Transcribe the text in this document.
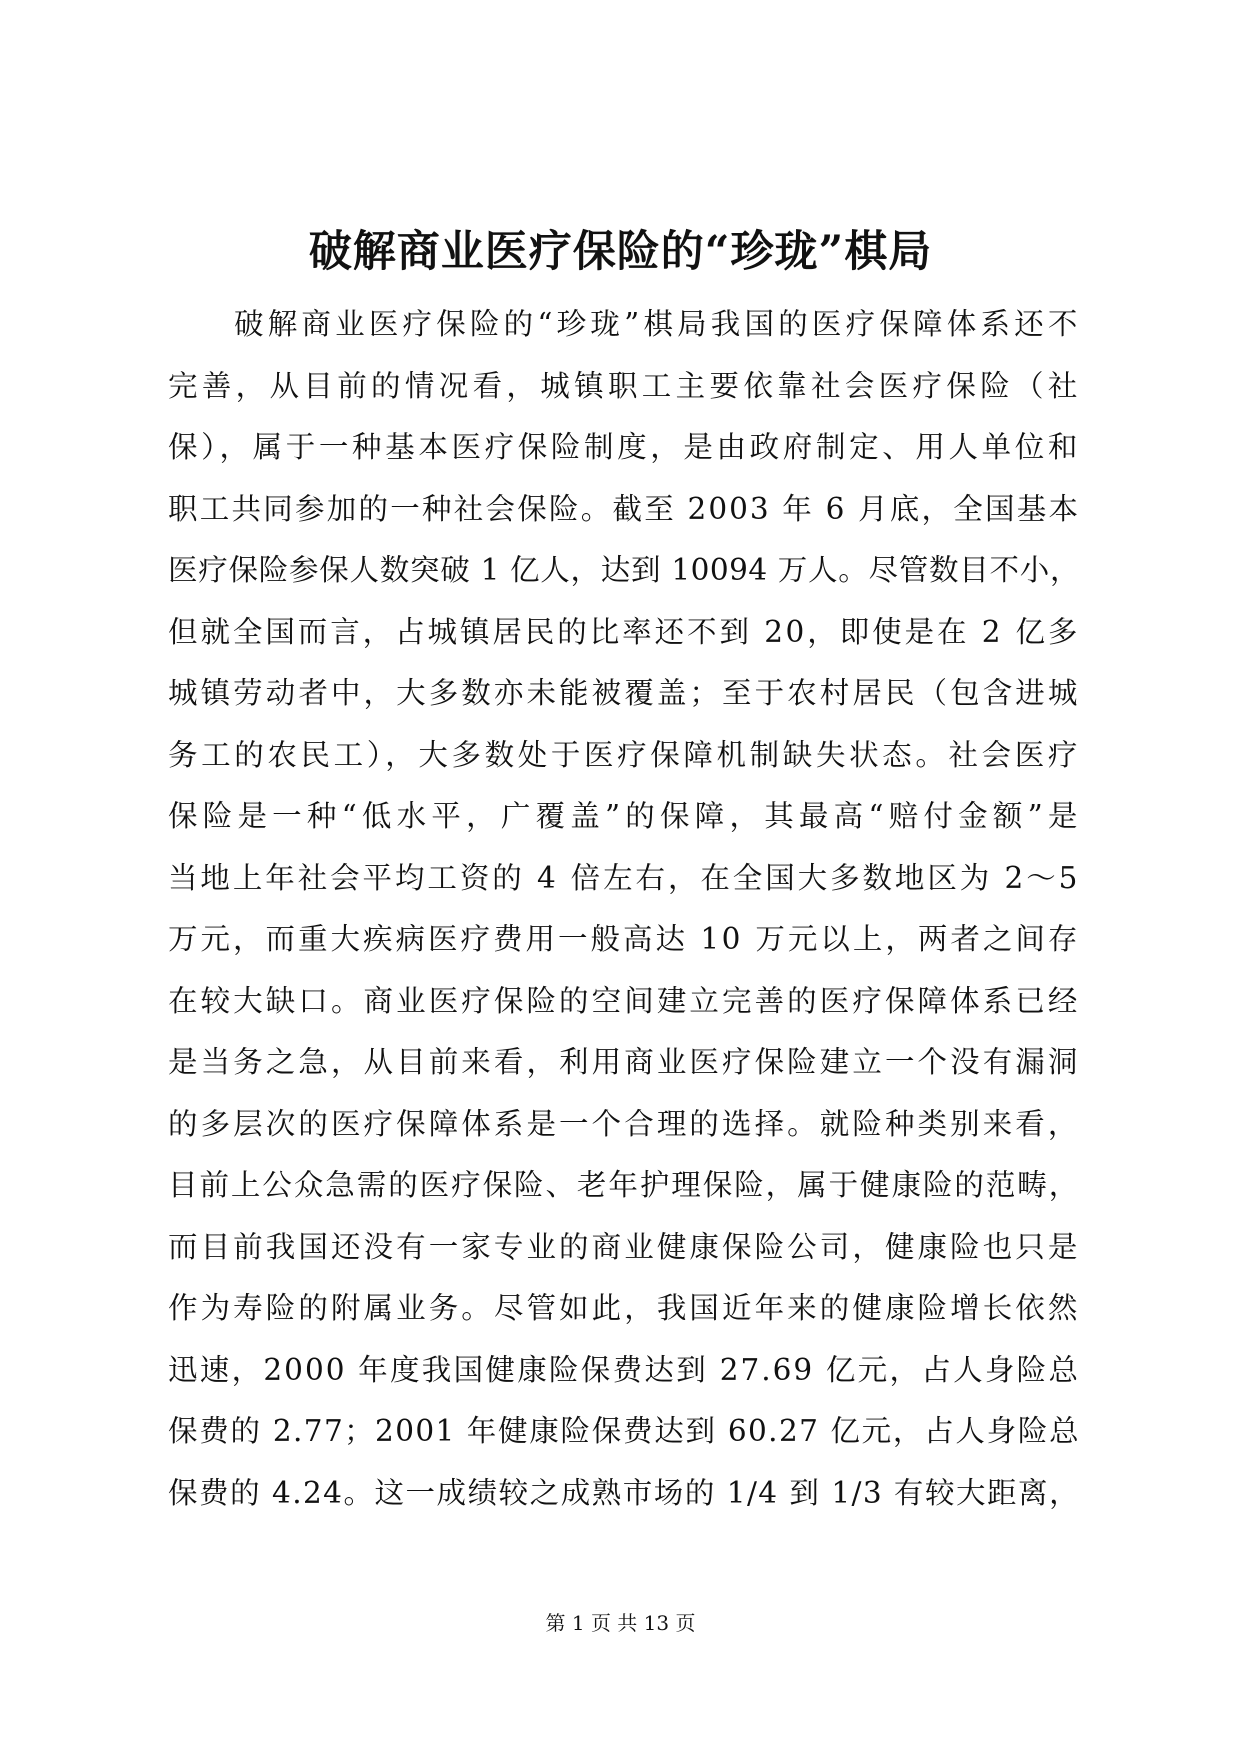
破解商业医疗保险的“珍珑”棋局
破解商业医疗保险的“珍珑”棋局我国的医疗保障体系还不
完善，从目前的情况看，城镇职工主要依靠社会医疗保险（社
保），属于一种基本医疗保险制度，是由政府制定、用人单位和
职工共同参加的一种社会保险。截至 2003 年 6 月底，全国基本
医疗保险参保人数突破 1 亿人，达到 10094 万人。尽管数目不小，
但就全国而言，占城镇居民的比率还不到 20，即使是在 2 亿多
城镇劳动者中，大多数亦未能被覆盖；至于农村居民（包含进城
务工的农民工），大多数处于医疗保障机制缺失状态。社会医疗
保险是一种“低水平，广覆盖”的保障，其最高“赔付金额”是
当地上年社会平均工资的 4 倍左右，在全国大多数地区为 2～5
万元，而重大疾病医疗费用一般高达 10 万元以上，两者之间存
在较大缺口。商业医疗保险的空间建立完善的医疗保障体系已经
是当务之急，从目前来看，利用商业医疗保险建立一个没有漏洞
的多层次的医疗保障体系是一个合理的选择。就险种类别来看，
目前上公众急需的医疗保险、老年护理保险，属于健康险的范畴，
而目前我国还没有一家专业的商业健康保险公司，健康险也只是
作为寿险的附属业务。尽管如此，我国近年来的健康险增长依然
迅速，2000 年度我国健康险保费达到 27.69 亿元，占人身险总
保费的 2.77；2001 年健康险保费达到 60.27 亿元，占人身险总
保费的 4.24。这一成绩较之成熟市场的 1/4 到 1/3 有较大距离，
第 1 页 共 13 页
